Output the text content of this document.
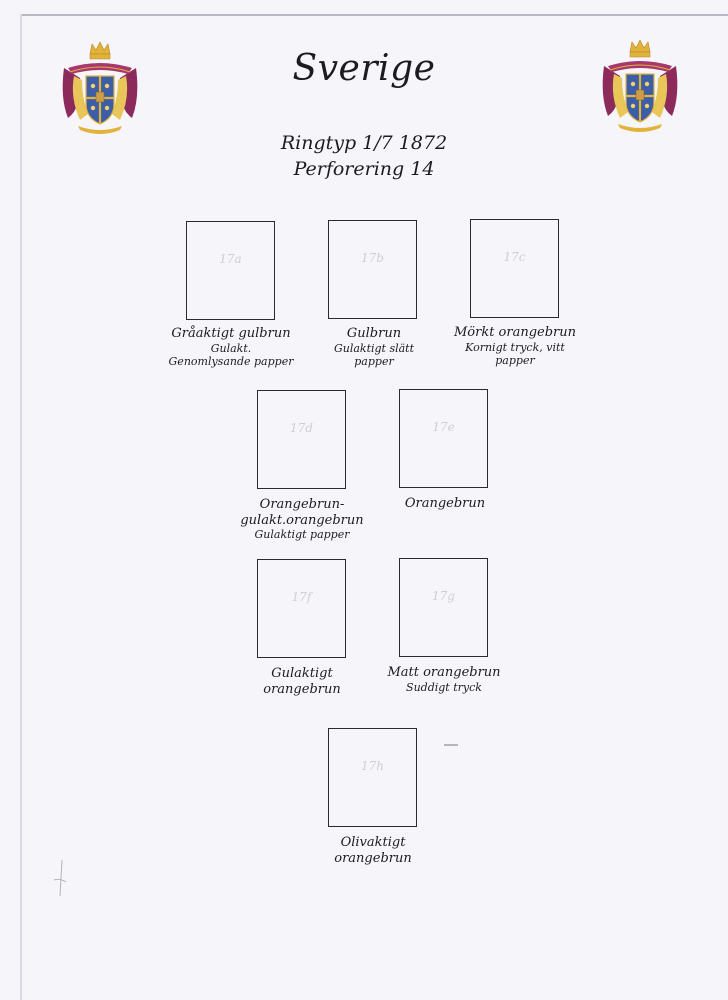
Sverige
Ringtyp 1/7 1872
Perforering 14
17a
Gråaktigt gulbrun
Gulakt.
Genomlysande papper
17b
Gulbrun
Gulaktigt slätt
papper
17c
Mörkt orangebrun
Kornigt tryck, vitt
papper
17d
Orangebrun-
gulakt.orangebrun
Gulaktigt papper
17e
Orangebrun
17f
Gulaktigt
orangebrun
17g
Matt orangebrun
Suddigt tryck
17h
Olivaktigt
orangebrun
